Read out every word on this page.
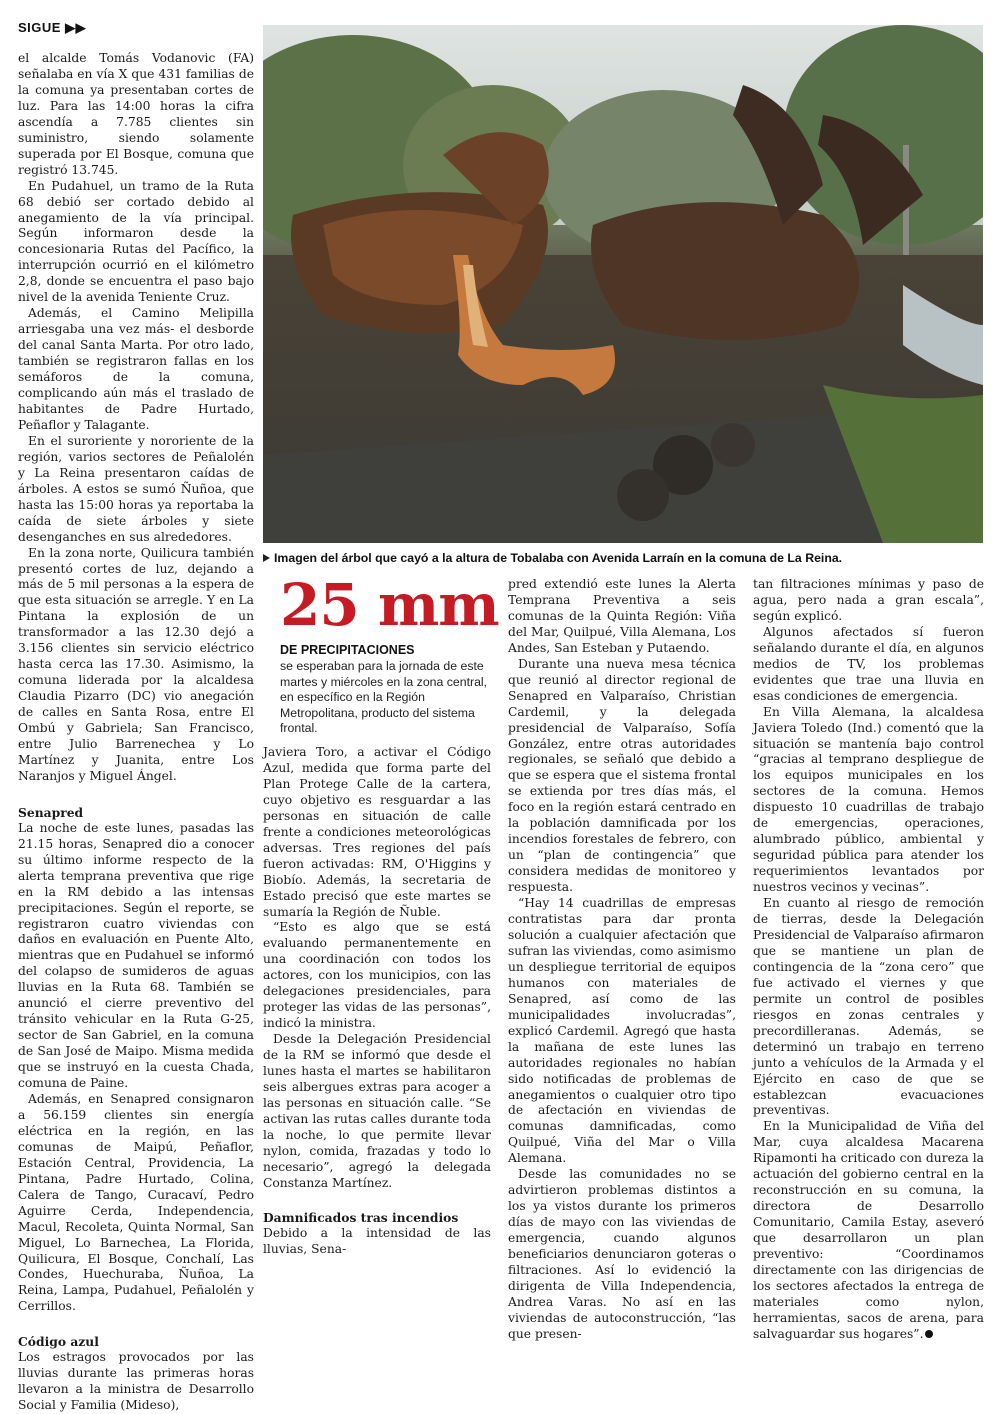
SIGUE ▶▶

el alcalde Tomás Vodanovic (FA) señalaba en vía X que 431 familias de la comuna ya presentaban cortes de luz. Para las 14:00 horas la cifra ascendía a 7.785 clientes sin suministro, siendo solamente superada por El Bosque, comuna que registró 13.745.

En Pudahuel, un tramo de la Ruta 68 debió ser cortado debido al anegamiento de la vía principal. Según informaron desde la concesionaria Rutas del Pacífico, la interrupción ocurrió en el kilómetro 2,8, donde se encuentra el paso bajo nivel de la avenida Teniente Cruz.

Además, el Camino Melipilla arriesgaba una vez más- el desborde del canal Santa Marta. Por otro lado, también se registraron fallas en los semáforos de la comuna, complicando aún más el traslado de habitantes de Padre Hurtado, Peñaflor y Talagante.

En el suroriente y nororiente de la región, varios sectores de Peñalolén y La Reina presentaron caídas de árboles. A estos se sumó Ñuñoa, que hasta las 15:00 horas ya reportaba la caída de siete árboles y siete desenganches en sus alrededores.

En la zona norte, Quilicura también presentó cortes de luz, dejando a más de 5 mil personas a la espera de que esta situación se arregle. Y en La Pintana la explosión de un transformador a las 12.30 dejó a 3.156 clientes sin servicio eléctrico hasta cerca las 17.30. Asimismo, la comuna liderada por la alcaldesa Claudia Pizarro (DC) vio anegación de calles en Santa Rosa, entre El Ombú y Gabriela; San Francisco, entre Julio Barrenechea y Lo Martínez y Juanita, entre Los Naranjos y Miguel Ángel.

Senapred

La noche de este lunes, pasadas las 21.15 horas, Senapred dio a conocer su último informe respecto de la alerta temprana preventiva que rige en la RM debido a las intensas precipitaciones. Según el reporte, se registraron cuatro viviendas con daños en evaluación en Puente Alto, mientras que en Pudahuel se informó del colapso de sumideros de aguas lluvias en la Ruta 68. También se anunció el cierre preventivo del tránsito vehicular en la Ruta G-25, sector de San Gabriel, en la comuna de San José de Maipo. Misma medida que se instruyó en la cuesta Chada, comuna de Paine.

Además, en Senapred consignaron a 56.159 clientes sin energía eléctrica en la región, en las comunas de Maipú, Peñaflor, Estación Central, Providencia, La Pintana, Padre Hurtado, Colina, Calera de Tango, Curacaví, Pedro Aguirre Cerda, Independencia, Macul, Recoleta, Quinta Normal, San Miguel, Lo Barnechea, La Florida, Quilicura, El Bosque, Conchalí, Las Condes, Huechuraba, Ñuñoa, La Reina, Lampa, Pudahuel, Peñalolén y Cerrillos.

Código azul

Los estragos provocados por las lluvias durante las primeras horas llevaron a la ministra de Desarrollo Social y Familia (Mideso),

Imagen del árbol que cayó a la altura de Tobalaba con Avenida Larraín en la comuna de La Reina.
25 mm
DE PRECIPITACIONES
se esperaban para la jornada de este martes y miércoles en la zona central, en específico en la Región Metropolitana, producto del sistema frontal.

Javiera Toro, a activar el Código Azul, medida que forma parte del Plan Protege Calle de la cartera, cuyo objetivo es resguardar a las personas en situación de calle frente a condiciones meteorológicas adversas. Tres regiones del país fueron activadas: RM, O'Higgins y Biobío. Además, la secretaria de Estado precisó que este martes se sumaría la Región de Ñuble.

“Esto es algo que se está evaluando permanentemente en una coordinación con todos los actores, con los municipios, con las delegaciones presidenciales, para proteger las vidas de las personas”, indicó la ministra.

Desde la Delegación Presidencial de la RM se informó que desde el lunes hasta el martes se habilitaron seis albergues extras para acoger a las personas en situación calle. “Se activan las rutas calles durante toda la noche, lo que permite llevar nylon, comida, frazadas y todo lo necesario”, agregó la delegada Constanza Martínez.

Damnificados tras incendios

Debido a la intensidad de las lluvias, Sena-

pred extendió este lunes la Alerta Temprana Preventiva a seis comunas de la Quinta Región: Viña del Mar, Quilpué, Villa Alemana, Los Andes, San Esteban y Putaendo.

Durante una nueva mesa técnica que reunió al director regional de Senapred en Valparaíso, Christian Cardemil, y la delegada presidencial de Valparaíso, Sofía González, entre otras autoridades regionales, se señaló que debido a que se espera que el sistema frontal se extienda por tres días más, el foco en la región estará centrado en la población damnificada por los incendios forestales de febrero, con un “plan de contingencia” que considera medidas de monitoreo y respuesta.

“Hay 14 cuadrillas de empresas contratistas para dar pronta solución a cualquier afectación que sufran las viviendas, como asimismo un despliegue territorial de equipos humanos con materiales de Senapred, así como de las municipalidades involucradas”, explicó Cardemil. Agregó que hasta la mañana de este lunes las autoridades regionales no habían sido notificadas de problemas de anegamientos o cualquier otro tipo de afectación en viviendas de comunas damnificadas, como Quilpué, Viña del Mar o Villa Alemana.

Desde las comunidades no se advirtieron problemas distintos a los ya vistos durante los primeros días de mayo con las viviendas de emergencia, cuando algunos beneficiarios denunciaron goteras o filtraciones. Así lo evidenció la dirigenta de Villa Independencia, Andrea Varas. No así en las viviendas de autoconstrucción, “las que presen-

tan filtraciones mínimas y paso de agua, pero nada a gran escala”, según explicó.

Algunos afectados sí fueron señalando durante el día, en algunos medios de TV, los problemas evidentes que trae una lluvia en esas condiciones de emergencia.

En Villa Alemana, la alcaldesa Javiera Toledo (Ind.) comentó que la situación se mantenía bajo control “gracias al temprano despliegue de los equipos municipales en los sectores de la comuna. Hemos dispuesto 10 cuadrillas de trabajo de emergencias, operaciones, alumbrado público, ambiental y seguridad pública para atender los requerimientos levantados por nuestros vecinos y vecinas”.

En cuanto al riesgo de remoción de tierras, desde la Delegación Presidencial de Valparaíso afirmaron que se mantiene un plan de contingencia de la “zona cero” que fue activado el viernes y que permite un control de posibles riesgos en zonas centrales y precordilleranas. Además, se determinó un trabajo en terreno junto a vehículos de la Armada y el Ejército en caso de que se establezcan evacuaciones preventivas.

En la Municipalidad de Viña del Mar, cuya alcaldesa Macarena Ripamonti ha criticado con dureza la actuación del gobierno central en la reconstrucción en su comuna, la directora de Desarrollo Comunitario, Camila Estay, aseveró que desarrollaron un plan preventivo: “Coordinamos directamente con las dirigencias de los sectores afectados la entrega de materiales como nylon, herramientas, sacos de arena, para salvaguardar sus hogares”.
